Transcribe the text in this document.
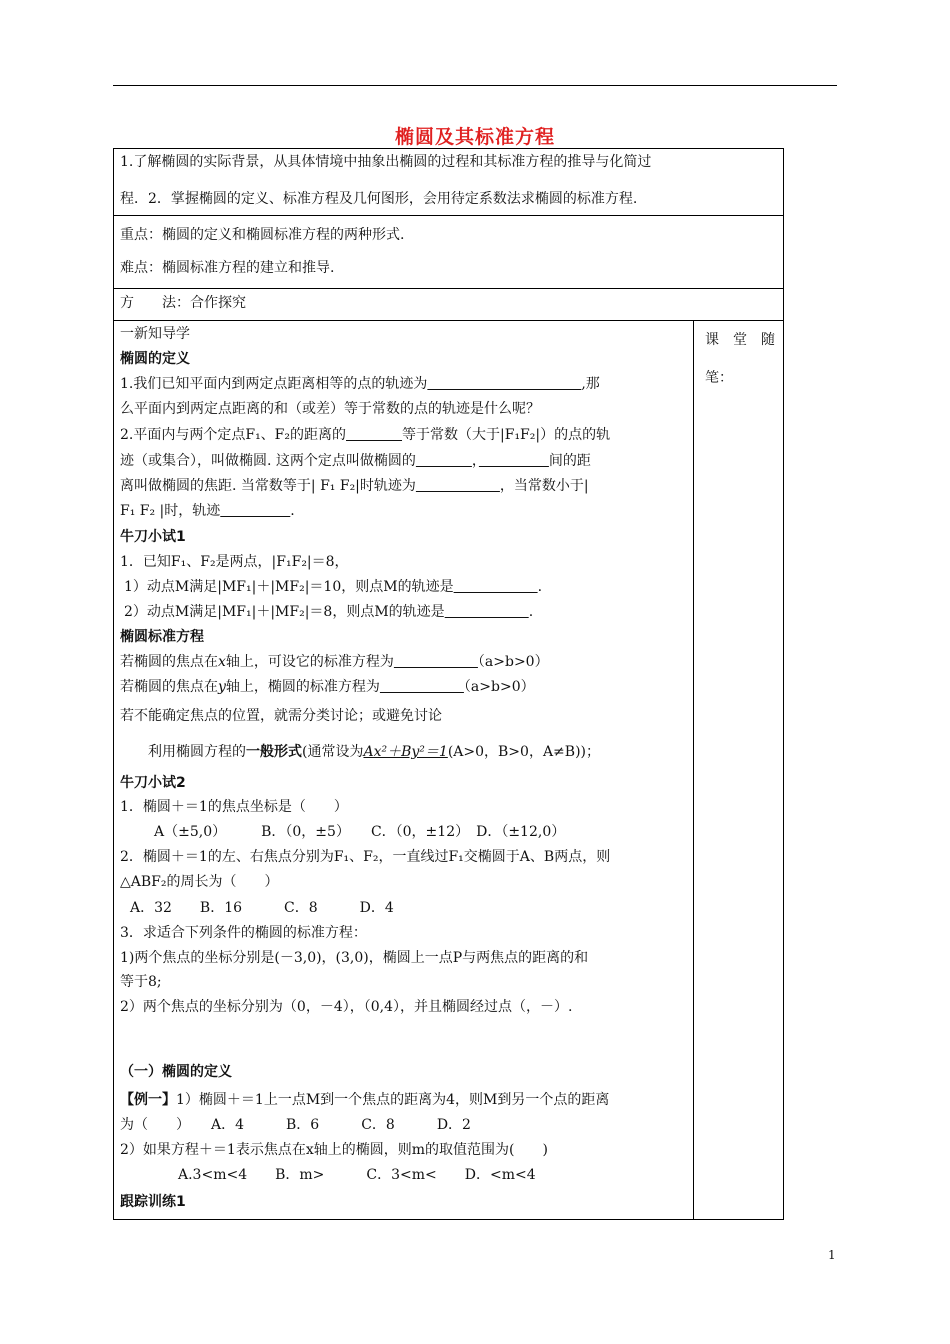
椭圆及其标准方程
1.了解椭圆的实际背景，从具体情境中抽象出椭圆的过程和其标准方程的推导与化简过
程．2．掌握椭圆的定义、标准方程及几何图形，会用待定系数法求椭圆的标准方程.
重点：椭圆的定义和椭圆标准方程的两种形式.
难点：椭圆标准方程的建立和推导.
方　　法：合作探究
课　堂　随
笔：
一新知导学
椭圆的定义
1.我们已知平面内到两定点距离相等的点的轨迹为　　　　　　　　　　　	,那
么平面内到两定点距离的和（或差）等于常数的点的轨迹是什么呢？
2.平面内与两个定点F₁、F₂的距离的　　　　	等于常数（大于|F₁F₂|）的点的轨
迹（或集合），叫做椭圆. 这两个定点叫做椭圆的　　　　	，　　　　　	间的距
离叫做椭圆的焦距. 当常数等于| F₁ F₂|时轨迹为　　　　　　	，当常数小于|
F₁ F₂ |时，轨迹　　　　　	.
牛刀小试1
1．已知F₁、F₂是两点，|F₁F₂|＝8，
1）动点M满足|MF₁|＋|MF₂|＝10，则点M的轨迹是　　　　　　	.
2）动点M满足|MF₁|＋|MF₂|＝8，则点M的轨迹是　　　　　　	.
椭圆标准方程
若椭圆的焦点在x轴上，可设它的标准方程为　　　　　　	（a>b>0）
若椭圆的焦点在y轴上，椭圆的标准方程为　　　　　　	（a>b>0）
若不能确定焦点的位置，就需分类讨论；或避免讨论
利用椭圆方程的一般形式(通常设为Ax²＋By²＝1(A>0，B>0，A≠B))；
牛刀小试2
1．椭圆＋＝1的焦点坐标是（　　）
A（±5,0）　　　B．（0，±5）　　C．（0，±12）　D．（±12,0）
2．椭圆＋＝1的左、右焦点分别为F₁、F₂，一直线过F₁交椭圆于A、B两点，则
△ABF₂的周长为（　　）
A．32　　B．16　　　C．8　　　D．4
3．求适合下列条件的椭圆的标准方程：
1)两个焦点的坐标分别是(－3,0)，(3,0)，椭圆上一点P与两焦点的距离的和
等于8;
2）两个焦点的坐标分别为（0，－4），（0,4），并且椭圆经过点（，－）.
（一）椭圆的定义
【例一】1）椭圆＋＝1上一点M到一个焦点的距离为4，则M到另一个点的距离
为（　　）　　A．4　　　B．6　　　C．8　　　D．2
2）如果方程＋＝1表示焦点在x轴上的椭圆，则m的取值范围为(　　)
A.3<m<4　　B．m>　　　C．3<m<　　D．<m<4
跟踪训练1
1
